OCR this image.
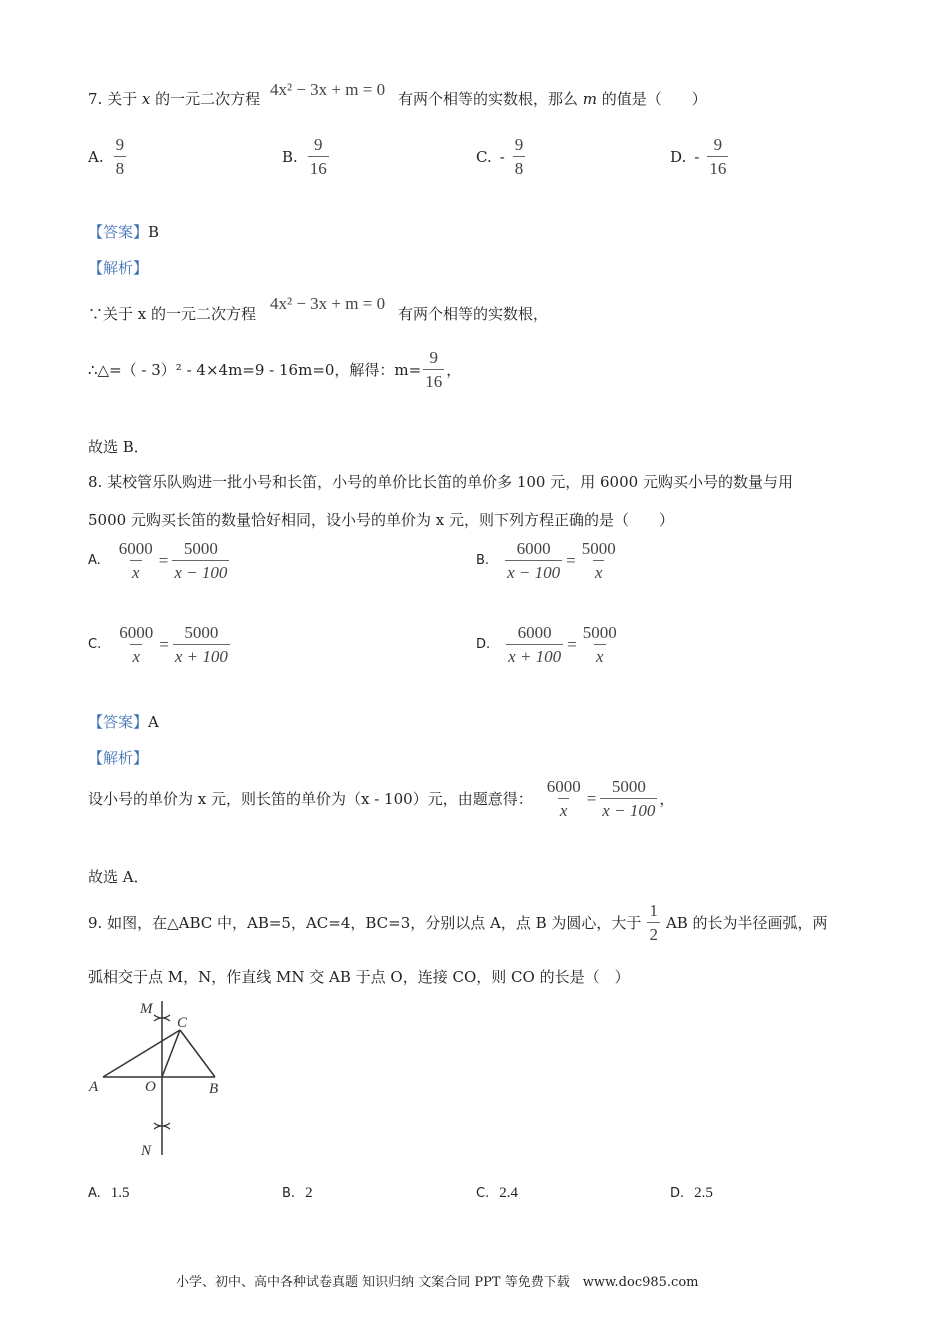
7. 关于 x 的一元二次方程 4x² − 3x + m = 0 有两个相等的实数根，那么 m 的值是（　　）
A. $\frac{9}{8}$	B. $\frac{9}{16}$	C. - $\frac{9}{8}$	D. - $\frac{9}{16}$
【答案】B
【解析】
∵关于 x 的一元二次方程
4x² − 3x + m = 0
有两个相等的实数根，
∴△=（ - 3）² - 4×4m=9 - 16m=0，解得：$m= \frac{9}{16}$ ，
故选 B．
8. 某校管乐队购进一批小号和长笛，小号的单价比长笛的单价多 100 元，用 6000 元购买小号的数量与用
5000 元购买长笛的数量恰好相同，设小号的单价为 x 元，则下列方程正确的是（　　）
A. $\frac{6000}{x} = \frac{5000}{x - 100}$	B. $\frac{6000}{x - 100} = \frac{5000}{x}$
C. $\frac{6000}{x} = \frac{5000}{x + 100}$	D. $\frac{6000}{x + 100} = \frac{5000}{x}$
【答案】A
【解析】
设小号的单价为 x 元，则长笛的单价为（x - 100）元，由题意得： $\frac{6000}{x} = \frac{5000}{x - 100}$ ，
故选 A．
9. 如图，在△ABC 中，AB=5，AC=4，BC=3，分别以点 A，点 B 为圆心，大于 $\frac{1}{2}$ AB 的长为半径画弧，两
弧相交于点 M，N，作直线 MN 交 AB 于点 O，连接 CO，则 CO 的长是（　）
M
C
A	O	B
N
A. 1.5	B. 2	C. 2.4	D. 2.5
小学、初中、高中各种试卷真题 知识归纳 文案合同 PPT 等免费下载　www.doc985.com
